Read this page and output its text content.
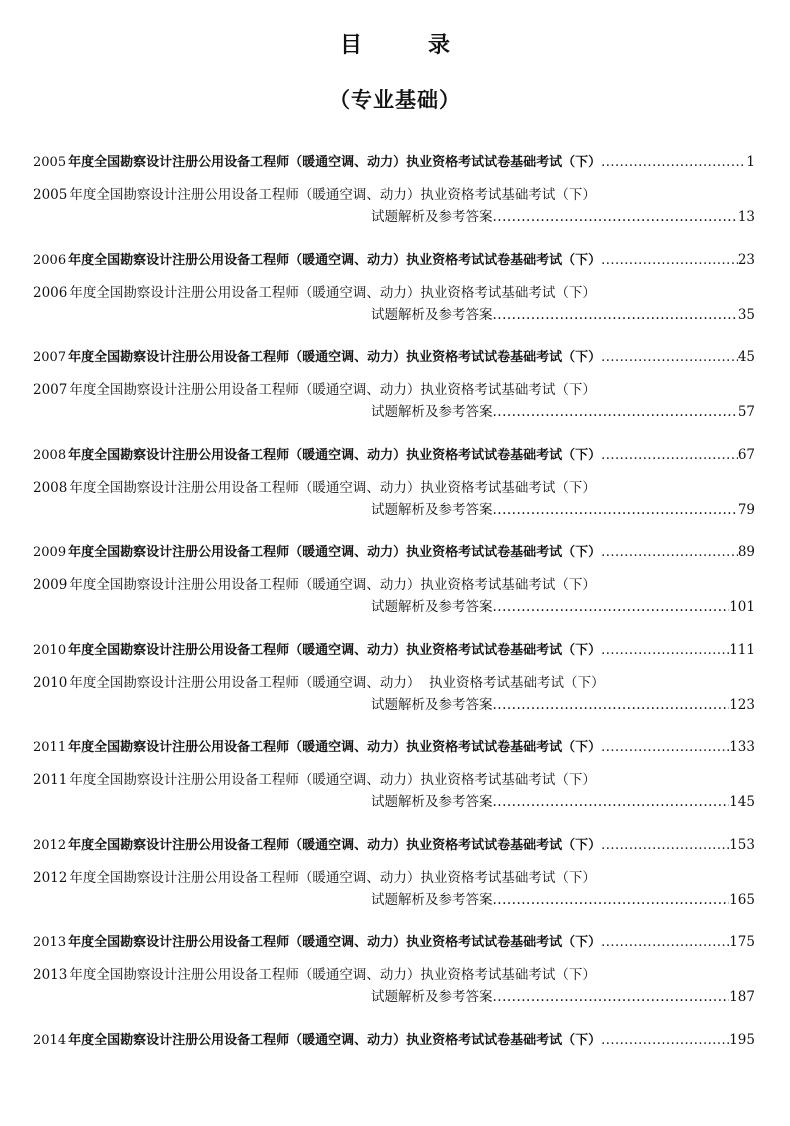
目　录
（专业基础）
2005 年度全国勘察设计注册公用设备工程师（暖通空调、动力）执业资格考试试卷基础考试（下） .....	1
2005 年度全国勘察设计注册公用设备工程师（暖通空调、动力）执业资格考试基础考试（下）
试题解析及参考答案 .....	13
2006 年度全国勘察设计注册公用设备工程师（暖通空调、动力）执业资格考试试卷基础考试（下） .....	23
2006 年度全国勘察设计注册公用设备工程师（暖通空调、动力）执业资格考试基础考试（下）
试题解析及参考答案 .....	35
2007 年度全国勘察设计注册公用设备工程师（暖通空调、动力）执业资格考试试卷基础考试（下） .....	45
2007 年度全国勘察设计注册公用设备工程师（暖通空调、动力）执业资格考试基础考试（下）
试题解析及参考答案 .....	57
2008 年度全国勘察设计注册公用设备工程师（暖通空调、动力）执业资格考试试卷基础考试（下） .....	67
2008 年度全国勘察设计注册公用设备工程师（暖通空调、动力）执业资格考试基础考试（下）
试题解析及参考答案 .....	79
2009 年度全国勘察设计注册公用设备工程师（暖通空调、动力）执业资格考试试卷基础考试（下） .....	89
2009 年度全国勘察设计注册公用设备工程师（暖通空调、动力）执业资格考试基础考试（下）
试题解析及参考答案 .....	101
2010 年度全国勘察设计注册公用设备工程师（暖通空调、动力）执业资格考试试卷基础考试（下） .....	111
2010 年度全国勘察设计注册公用设备工程师（暖通空调、动力）  执业资格考试基础考试（下）
试题解析及参考答案 .....	123
2011 年度全国勘察设计注册公用设备工程师（暖通空调、动力）执业资格考试试卷基础考试（下） .....	133
2011 年度全国勘察设计注册公用设备工程师（暖通空调、动力）执业资格考试基础考试（下）
试题解析及参考答案 .....	145
2012 年度全国勘察设计注册公用设备工程师（暖通空调、动力）执业资格考试试卷基础考试（下） .....	153
2012 年度全国勘察设计注册公用设备工程师（暖通空调、动力）执业资格考试基础考试（下）
试题解析及参考答案 .....	165
2013 年度全国勘察设计注册公用设备工程师（暖通空调、动力）执业资格考试试卷基础考试（下） .....	175
2013 年度全国勘察设计注册公用设备工程师（暖通空调、动力）执业资格考试基础考试（下）
试题解析及参考答案 .....	187
2014 年度全国勘察设计注册公用设备工程师（暖通空调、动力）执业资格考试试卷基础考试（下） .....	195
